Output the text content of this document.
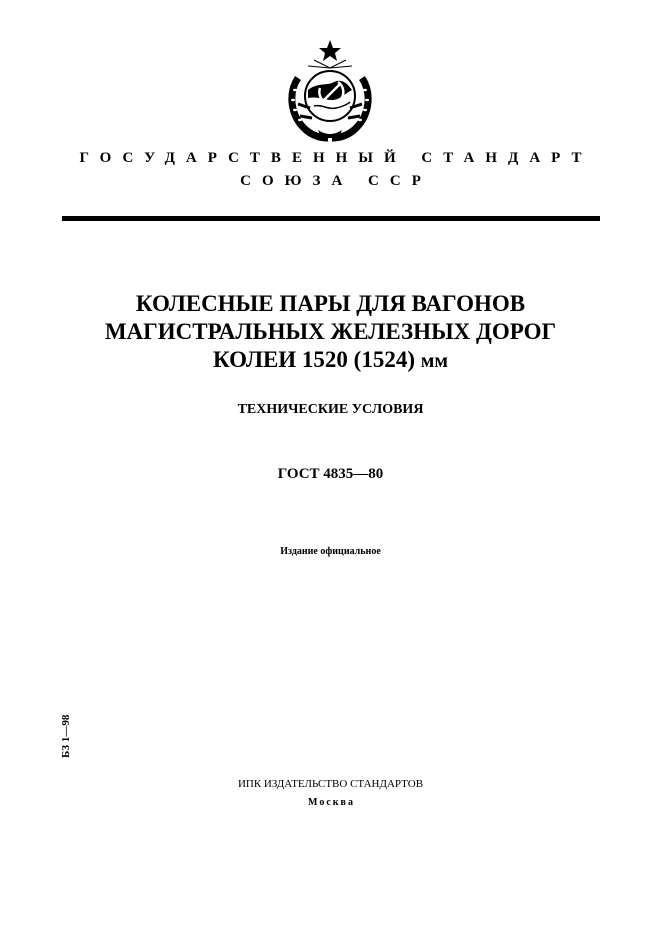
ГОСУДАРСТВЕННЫЙ СТАНДАРТ
СОЮЗА ССР
КОЛЕСНЫЕ ПАРЫ ДЛЯ ВАГОНОВ
МАГИСТРАЛЬНЫХ ЖЕЛЕЗНЫХ ДОРОГ
КОЛЕИ 1520 (1524) мм
ТЕХНИЧЕСКИЕ УСЛОВИЯ
ГОСТ 4835—80
Издание официальное
БЗ 1—98
ИПК ИЗДАТЕЛЬСТВО СТАНДАРТОВ
Москва
